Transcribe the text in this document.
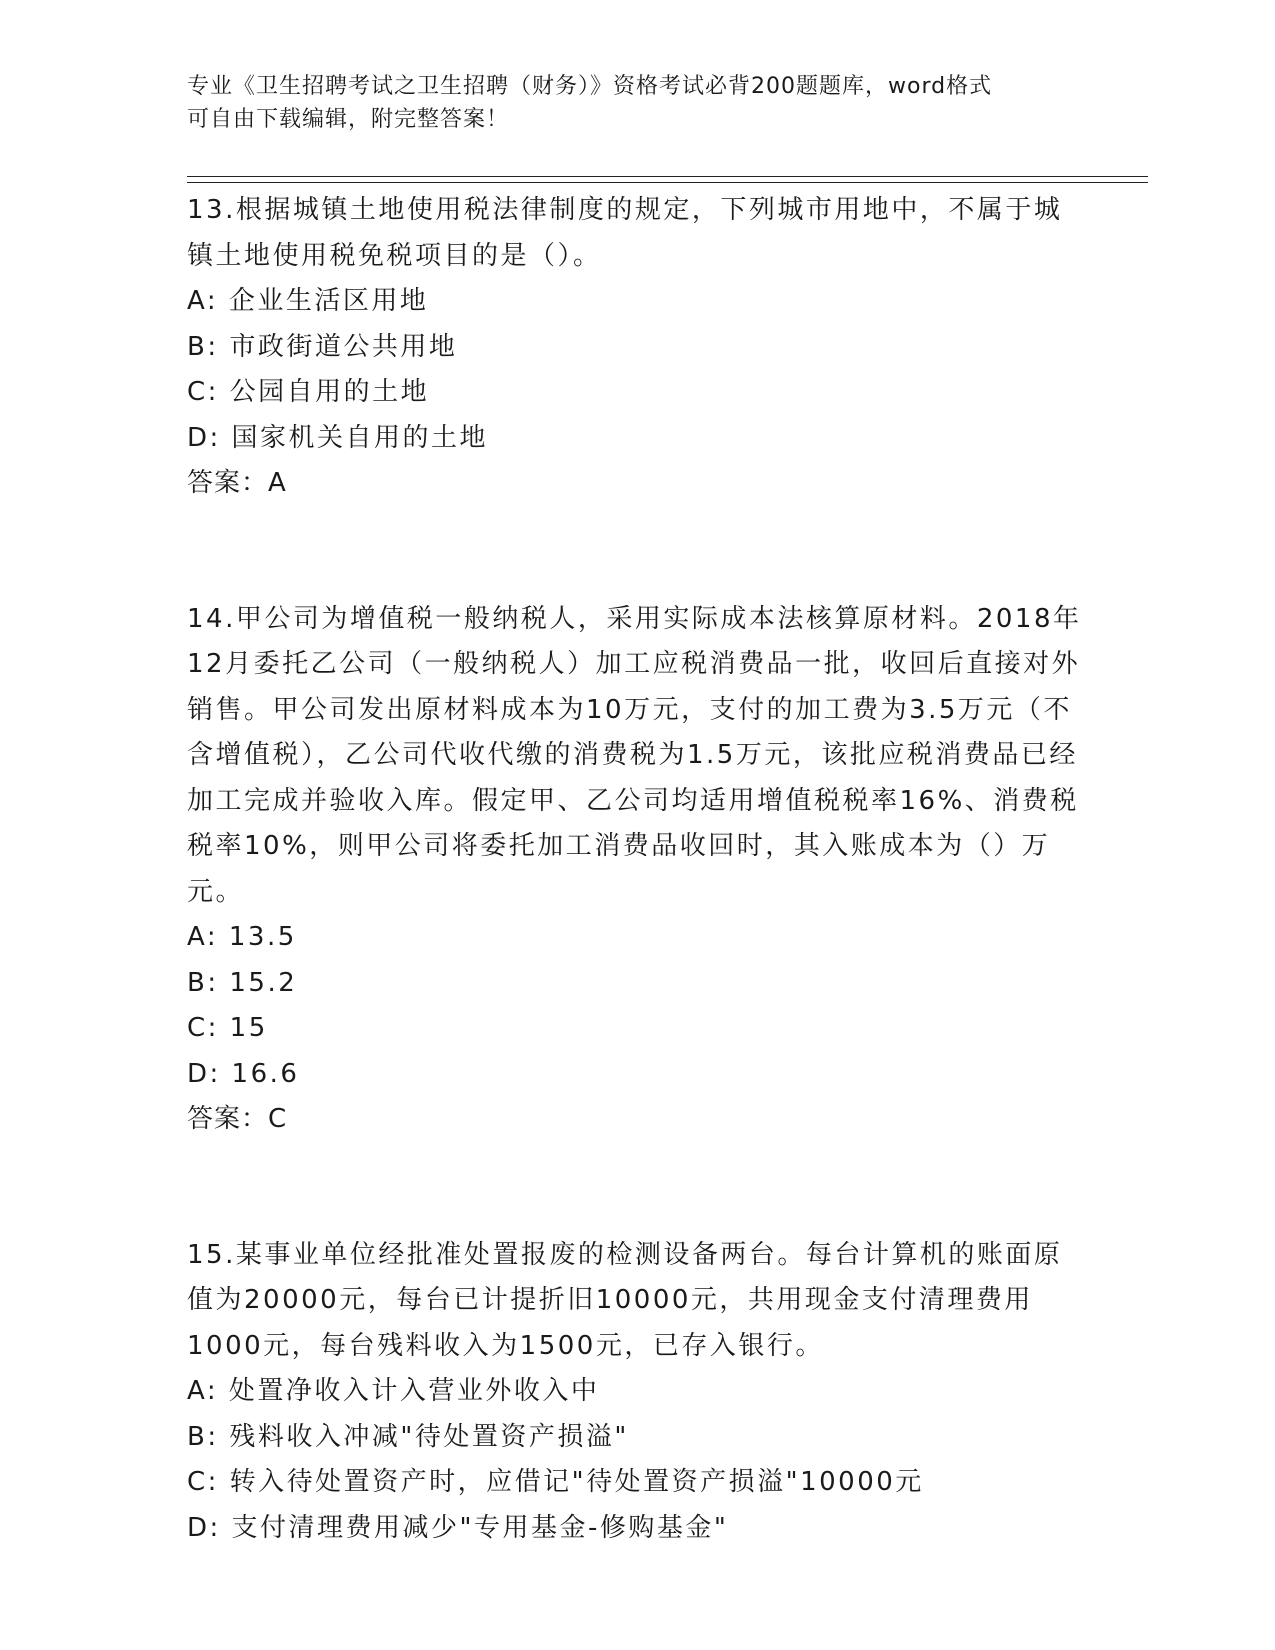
专业《卫生招聘考试之卫生招聘（财务）》资格考试必背200题题库，word格式
可自由下载编辑，附完整答案！

13.根据城镇土地使用税法律制度的规定，下列城市用地中，不属于城镇土地使用税免税项目的是（）。

A: 企业生活区用地

B: 市政街道公共用地

C: 公园自用的土地

D: 国家机关自用的土地

答案：A

14.甲公司为增值税一般纳税人，采用实际成本法核算原材料。2018年12月委托乙公司（一般纳税人）加工应税消费品一批，收回后直接对外销售。甲公司发出原材料成本为10万元，支付的加工费为3.5万元（不含增值税），乙公司代收代缴的消费税为1.5万元，该批应税消费品已经加工完成并验收入库。假定甲、乙公司均适用增值税税率16%、消费税税率10%，则甲公司将委托加工消费品收回时，其入账成本为（）万元。

A: 13.5

B: 15.2

C: 15

D: 16.6

答案：C

15.某事业单位经批准处置报废的检测设备两台。每台计算机的账面原值为20000元，每台已计提折旧10000元，共用现金支付清理费用1000元，每台残料收入为1500元，已存入银行。

A: 处置净收入计入营业外收入中

B: 残料收入冲减"待处置资产损溢"

C: 转入待处置资产时，应借记"待处置资产损溢"10000元

D: 支付清理费用减少"专用基金-修购基金"
